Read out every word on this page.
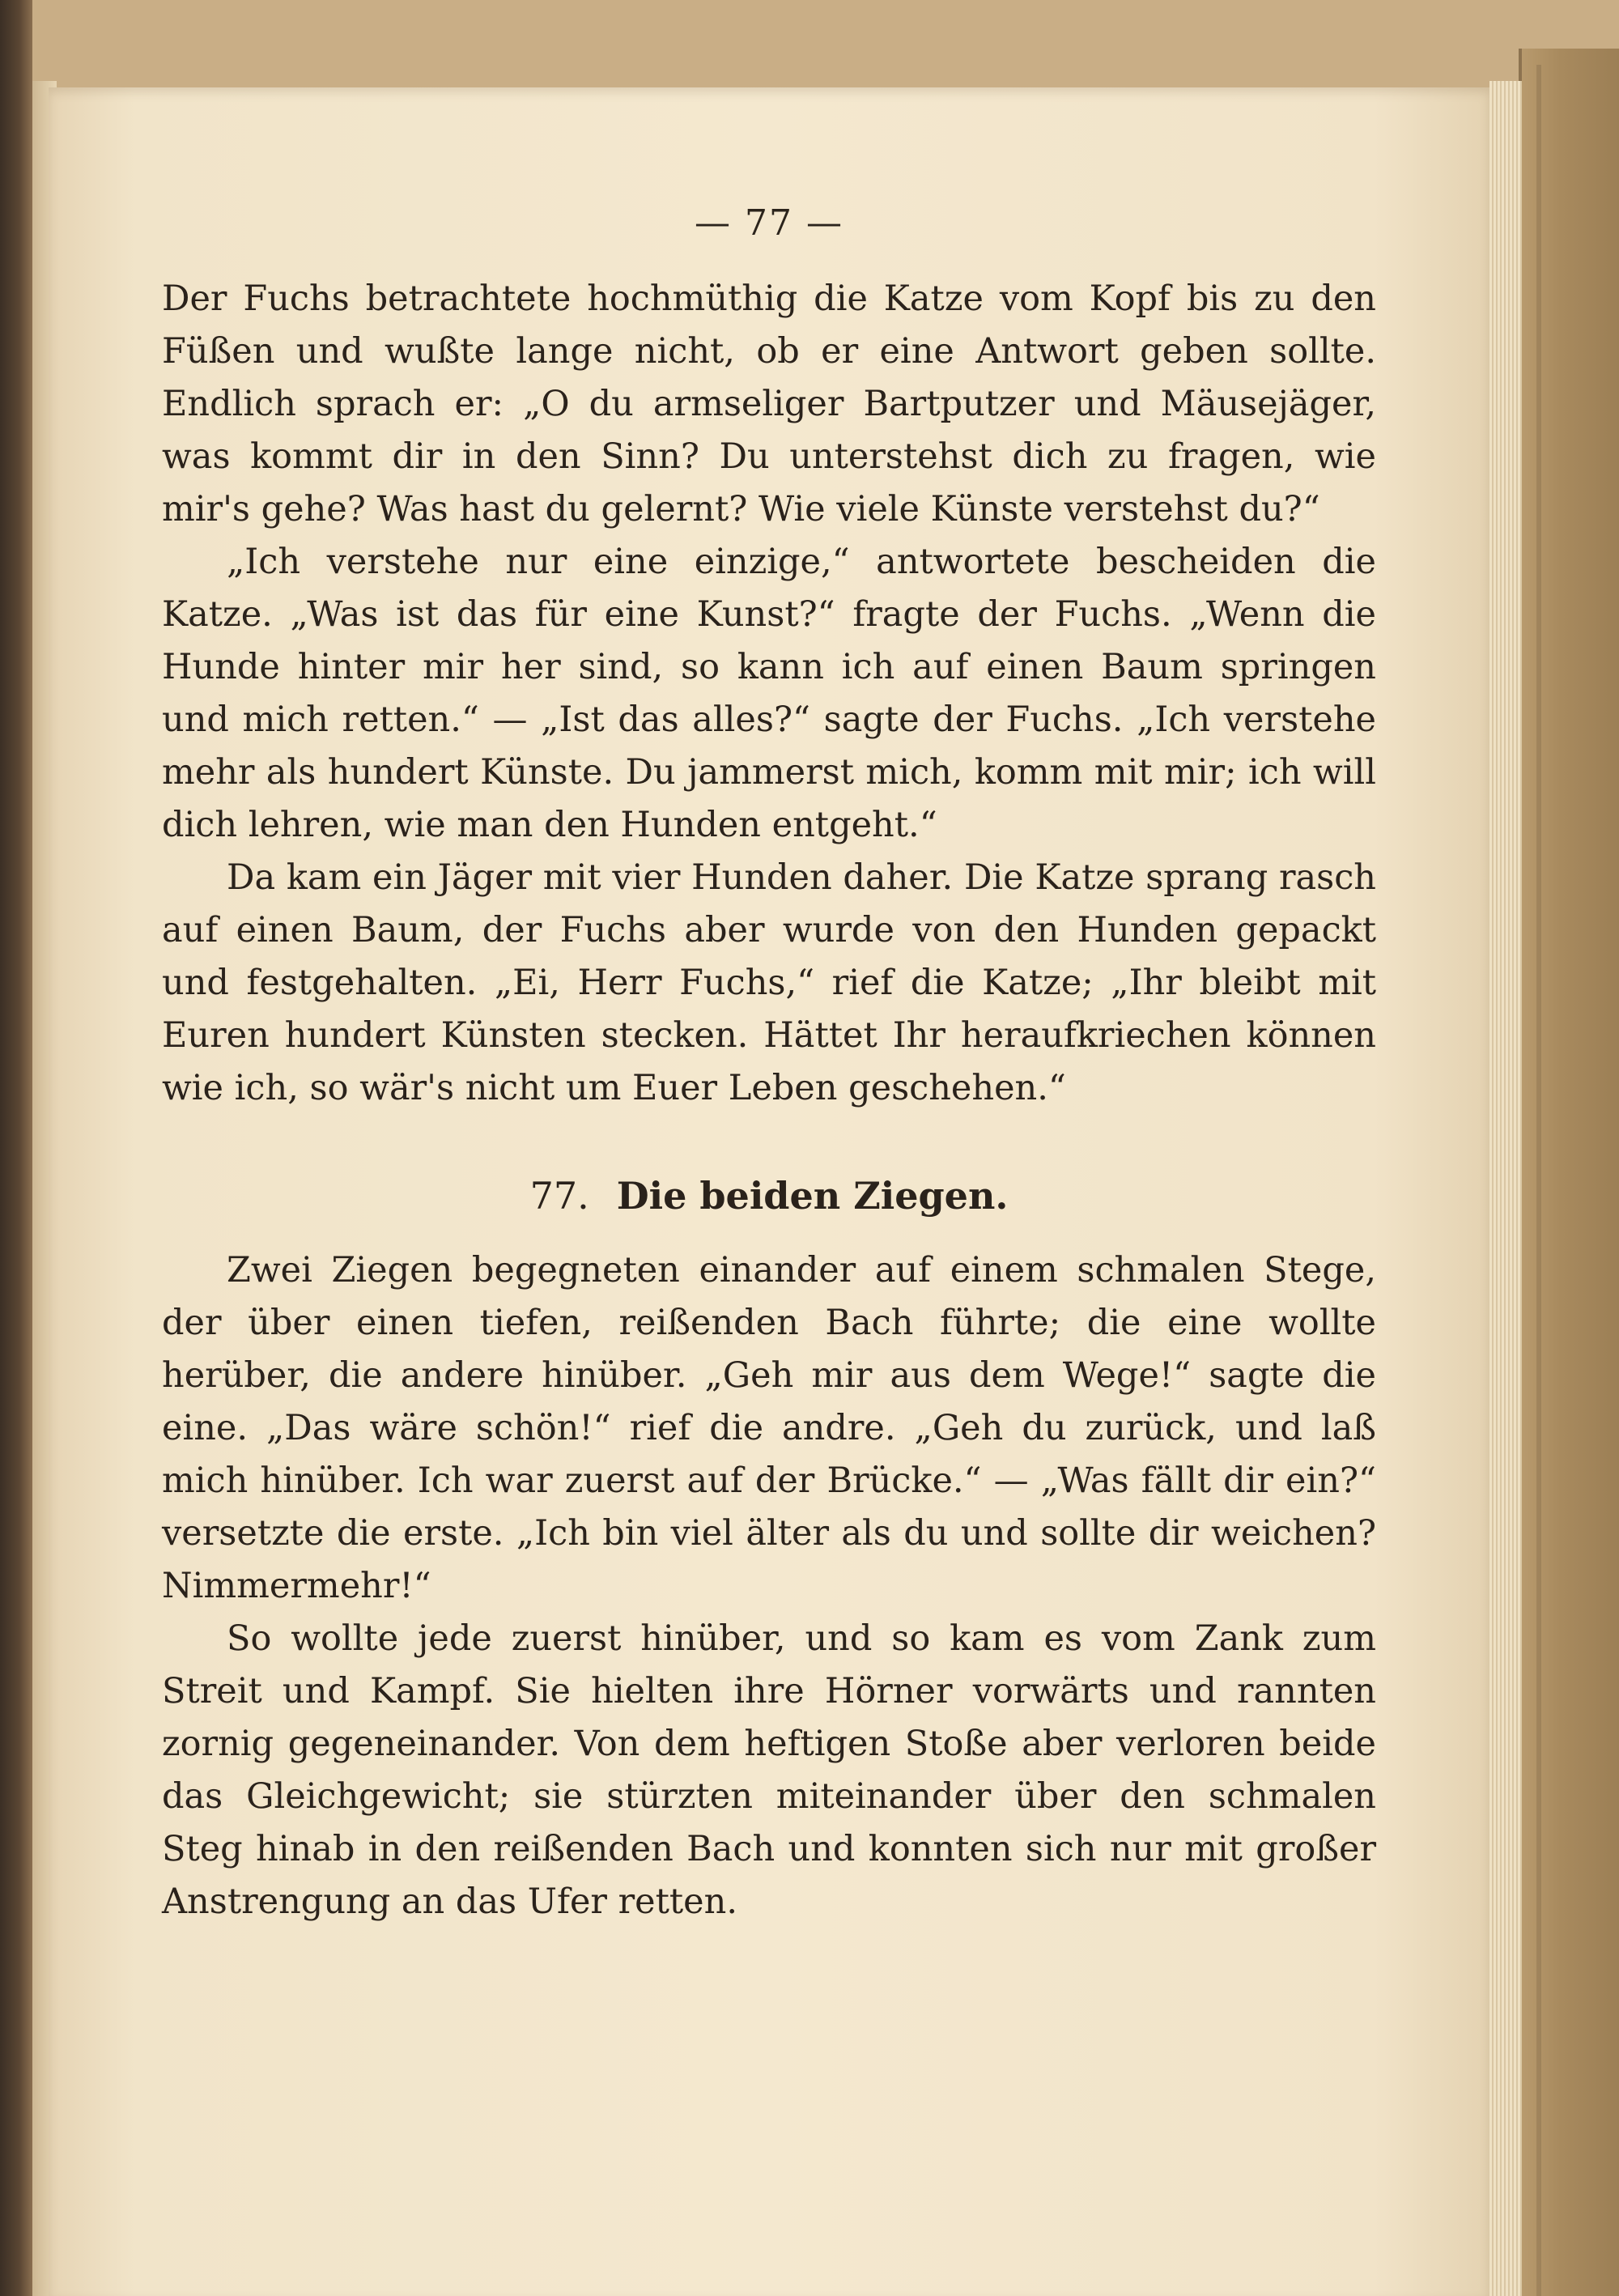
— 77 —

Der Fuchs betrachtete hochmüthig die Katze vom Kopf bis zu den Füßen und wußte lange nicht, ob er eine Antwort geben sollte. Endlich sprach er: „O du armseliger Bartputzer und Mäusejäger, was kommt dir in den Sinn? Du unterstehst dich zu fragen, wie mir's gehe? Was hast du gelernt? Wie viele Künste verstehst du?“

„Ich verstehe nur eine einzige,“ antwortete bescheiden die Katze. „Was ist das für eine Kunst?“ fragte der Fuchs. „Wenn die Hunde hinter mir her sind, so kann ich auf einen Baum springen und mich retten.“ — „Ist das alles?“ sagte der Fuchs. „Ich verstehe mehr als hundert Künste. Du jammerst mich, komm mit mir; ich will dich lehren, wie man den Hunden entgeht.“

Da kam ein Jäger mit vier Hunden daher. Die Katze sprang rasch auf einen Baum, der Fuchs aber wurde von den Hunden gepackt und festgehalten. „Ei, Herr Fuchs,“ rief die Katze; „Ihr bleibt mit Euren hundert Künsten stecken. Hättet Ihr heraufkriechen können wie ich, so wär's nicht um Euer Leben geschehen.“

77. Die beiden Ziegen.

Zwei Ziegen begegneten einander auf einem schmalen Stege, der über einen tiefen, reißenden Bach führte; die eine wollte herüber, die andere hinüber. „Geh mir aus dem Wege!“ sagte die eine. „Das wäre schön!“ rief die andre. „Geh du zurück, und laß mich hinüber. Ich war zuerst auf der Brücke.“ — „Was fällt dir ein?“ versetzte die erste. „Ich bin viel älter als du und sollte dir weichen? Nimmermehr!“

So wollte jede zuerst hinüber, und so kam es vom Zank zum Streit und Kampf. Sie hielten ihre Hörner vorwärts und rannten zornig gegeneinander. Von dem heftigen Stoße aber verloren beide das Gleichgewicht; sie stürzten miteinander über den schmalen Steg hinab in den reißenden Bach und konnten sich nur mit großer Anstrengung an das Ufer retten.
